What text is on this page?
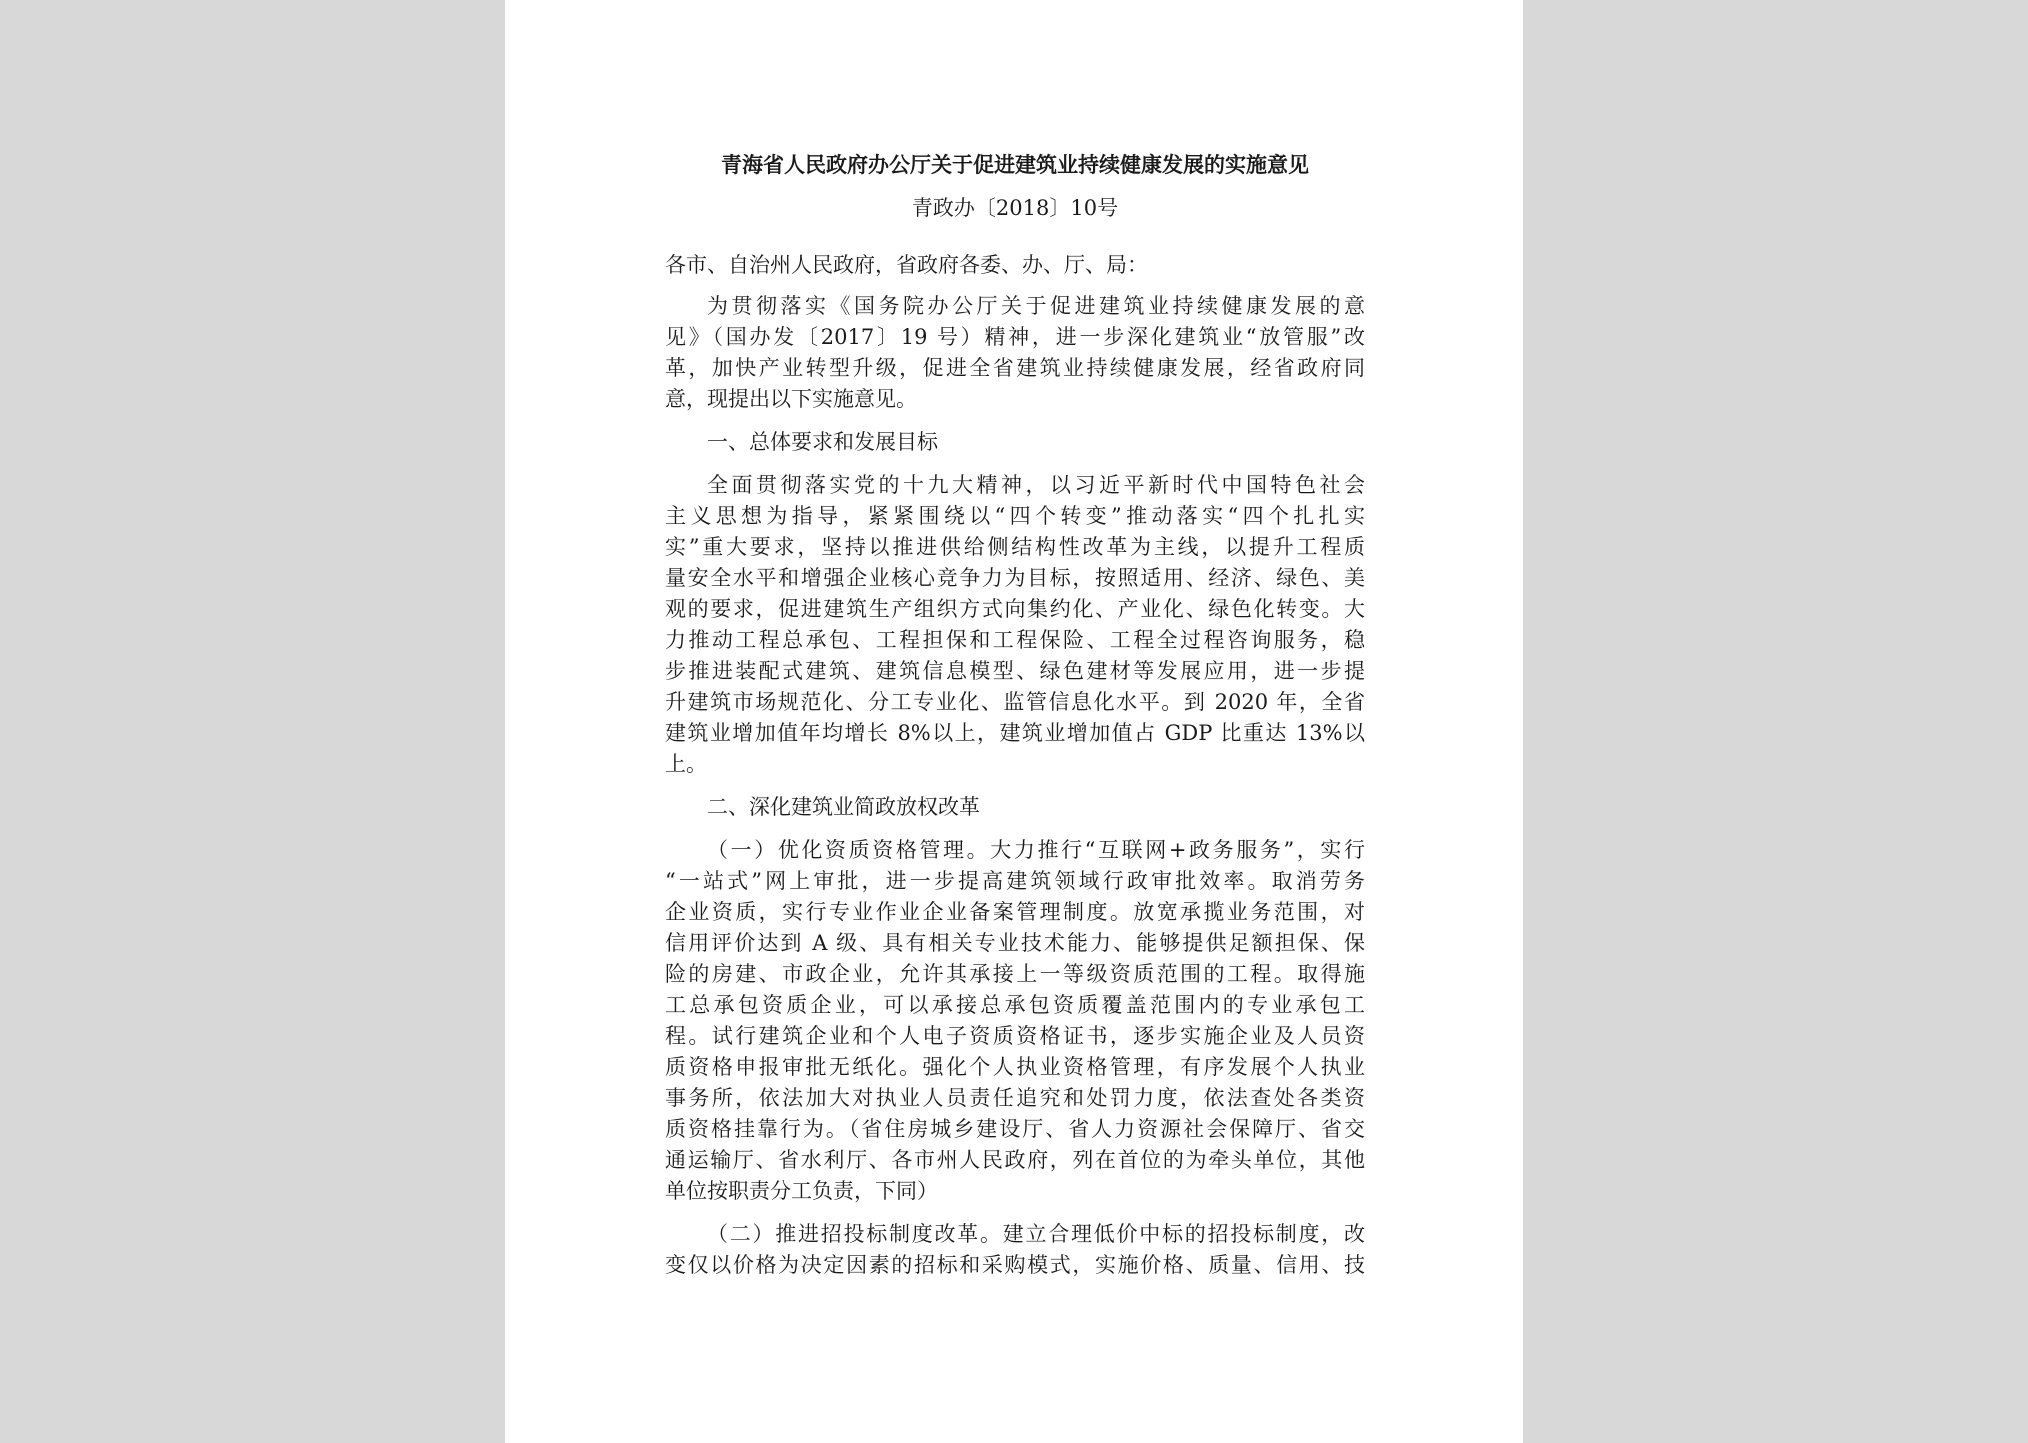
青海省人民政府办公厅关于促进建筑业持续健康发展的实施意见
青政办〔2018〕10号

各市、自治州人民政府，省政府各委、办、厅、局：

为贯彻落实《国务院办公厅关于促进建筑业持续健康发展的意

见》（国办发〔2017〕19 号）精神，进一步深化建筑业“放管服”改

革，加快产业转型升级，促进全省建筑业持续健康发展，经省政府同

意，现提出以下实施意见。

一、总体要求和发展目标

全面贯彻落实党的十九大精神，以习近平新时代中国特色社会

主义思想为指导，紧紧围绕以“四个转变”推动落实“四个扎扎实

实”重大要求，坚持以推进供给侧结构性改革为主线，以提升工程质

量安全水平和增强企业核心竞争力为目标，按照适用、经济、绿色、美

观的要求，促进建筑生产组织方式向集约化、产业化、绿色化转变。大

力推动工程总承包、工程担保和工程保险、工程全过程咨询服务，稳

步推进装配式建筑、建筑信息模型、绿色建材等发展应用，进一步提

升建筑市场规范化、分工专业化、监管信息化水平。到 2020 年，全省

建筑业增加值年均增长 8%以上，建筑业增加值占 GDP 比重达 13%以

上。

二、深化建筑业简政放权改革

（一）优化资质资格管理。大力推行“互联网+政务服务”，实行

“一站式”网上审批，进一步提高建筑领域行政审批效率。取消劳务

企业资质，实行专业作业企业备案管理制度。放宽承揽业务范围，对

信用评价达到 A 级、具有相关专业技术能力、能够提供足额担保、保

险的房建、市政企业，允许其承接上一等级资质范围的工程。取得施

工总承包资质企业，可以承接总承包资质覆盖范围内的专业承包工

程。试行建筑企业和个人电子资质资格证书，逐步实施企业及人员资

质资格申报审批无纸化。强化个人执业资格管理，有序发展个人执业

事务所，依法加大对执业人员责任追究和处罚力度，依法查处各类资

质资格挂靠行为。（省住房城乡建设厅、省人力资源社会保障厅、省交

通运输厅、省水利厅、各市州人民政府，列在首位的为牵头单位，其他

单位按职责分工负责，下同）

（二）推进招投标制度改革。建立合理低价中标的招投标制度，改

变仅以价格为决定因素的招标和采购模式，实施价格、质量、信用、技
